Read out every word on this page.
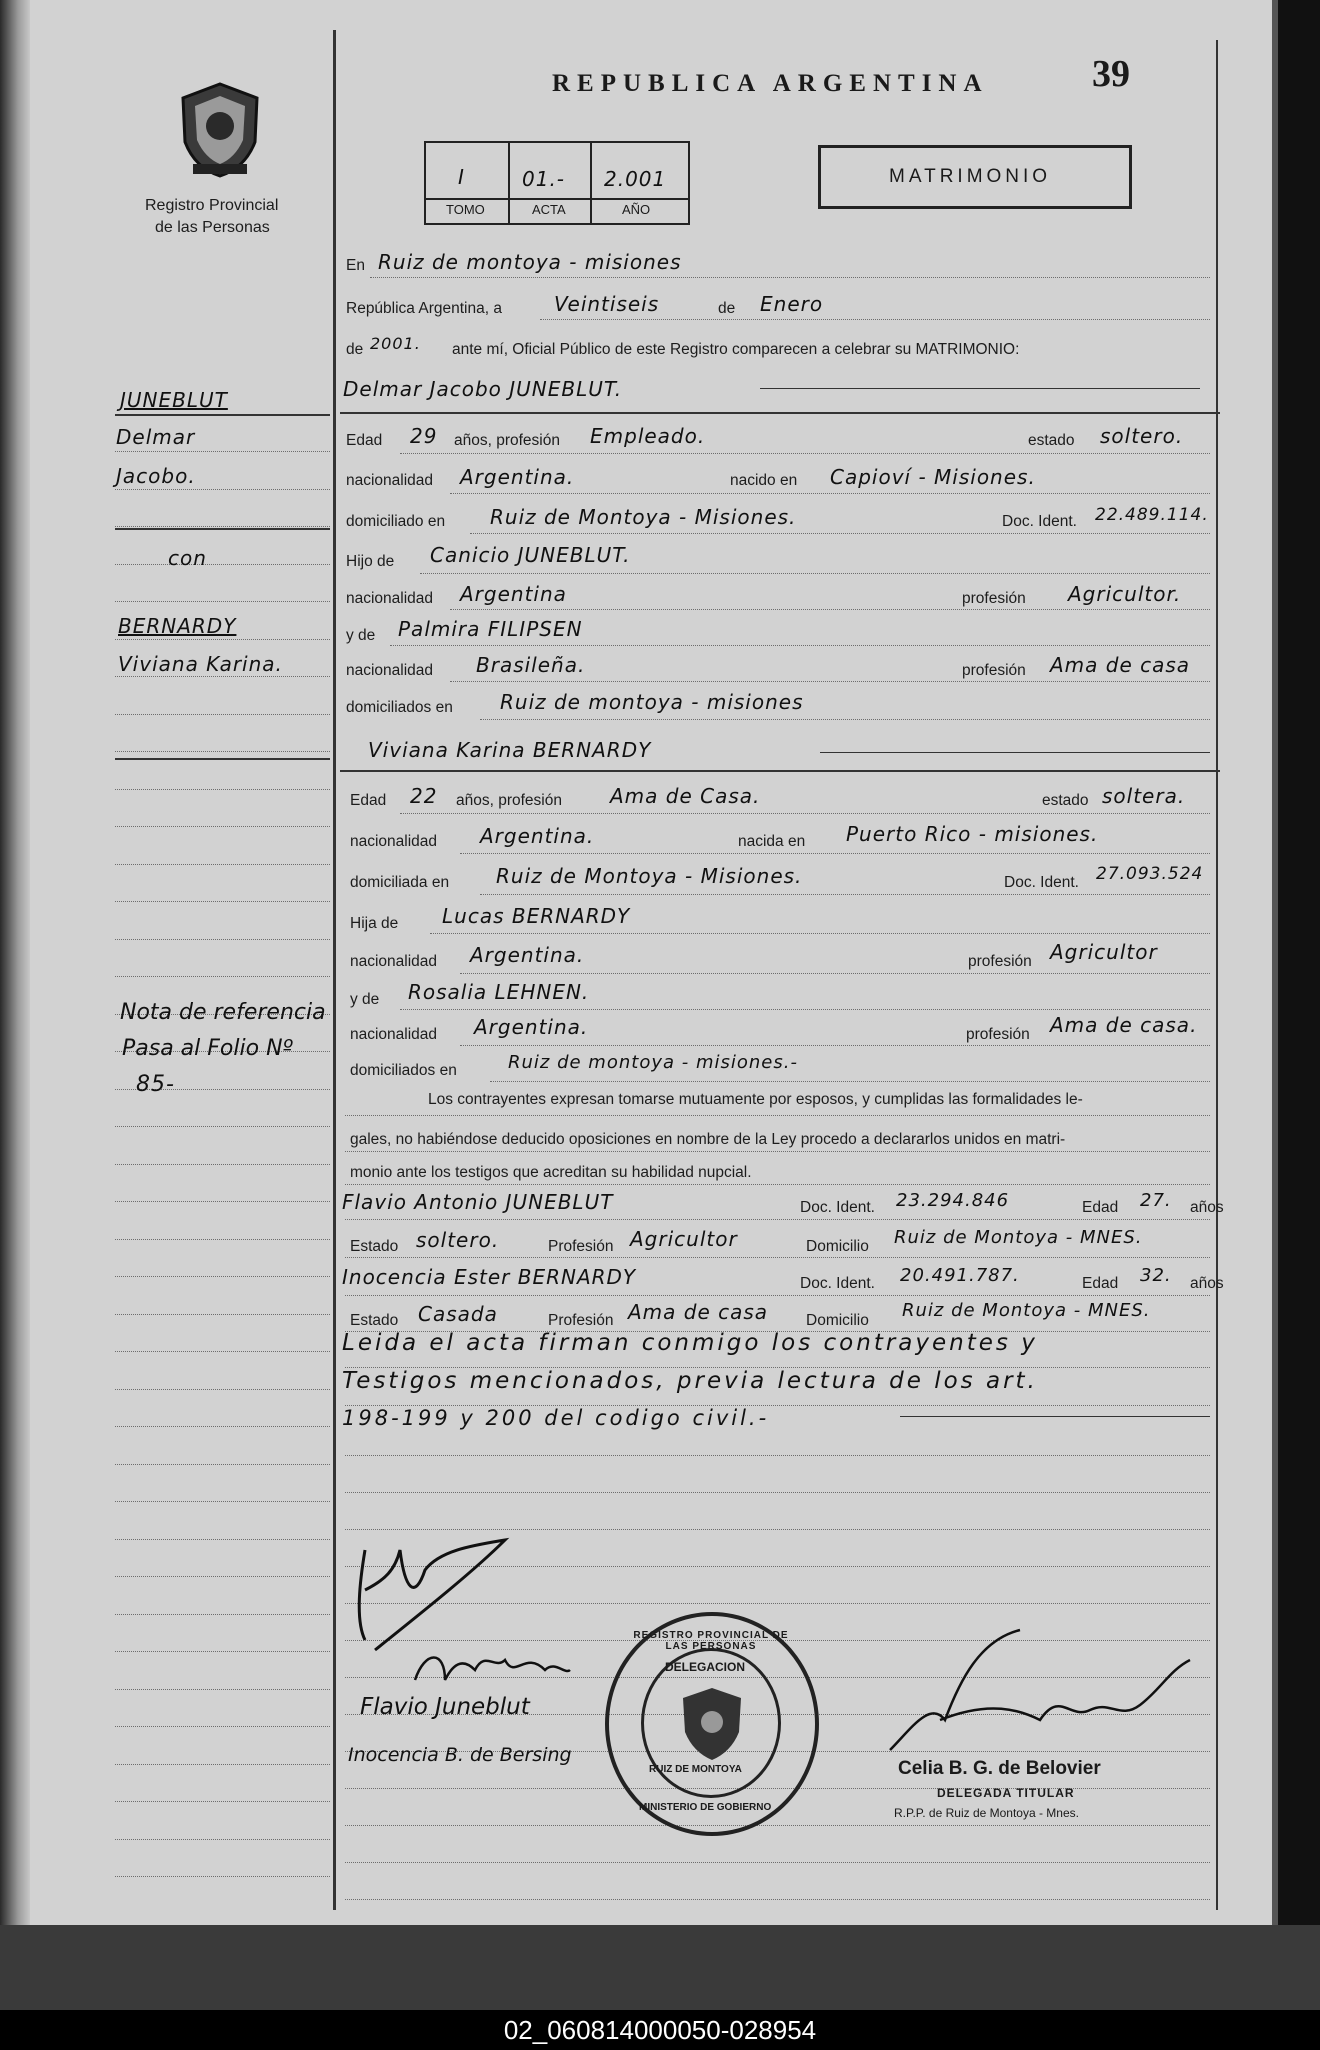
Registro Provincial
de las Personas
REPUBLICA ARGENTINA	39
I	01.- 2.001
TOMO	ACTA	AÑO
MATRIMONIO
En Ruiz de montoya - misiones
República Argentina, a	Veintiseis	de Enero
de 2001. ante mí, Oficial Público de este Registro comparecen a celebrar su MATRIMONIO:
Delmar Jacobo JUNEBLUT.
Edad 29 años, profesión Empleado.	estado soltero.
nacionalidad Argentina.	nacido en Capioví - Misiones.
domiciliado en Ruiz de Montoya - Misiones.	Doc. Ident. 22.489.114.
Hijo de Canicio JUNEBLUT.
nacionalidad Argentina	profesión Agricultor.
y de Palmira FILIPSEN
nacionalidad Brasileña.	profesión Ama de casa
domiciliados en Ruiz de montoya - misiones
Viviana Karina BERNARDY
Edad 22 años, profesión Ama de Casa.	estado soltera.
nacionalidad Argentina.	nacida en Puerto Rico - misiones.
domiciliada en Ruiz de Montoya - Misiones.	Doc. Ident. 27.093.524
Hija de Lucas BERNARDY
nacionalidad Argentina.	profesión Agricultor
y de Rosalia LEHNEN.
nacionalidad Argentina.	profesión Ama de casa.
domiciliados en	Ruiz de montoya - misiones.-
Los contrayentes expresan tomarse mutuamente por esposos, y cumplidas las formalidades le-
gales, no habiéndose deducido oposiciones en nombre de la Ley procedo a declararlos unidos en matri-
monio ante los testigos que acreditan su habilidad nupcial.
Flavio Antonio JUNEBLUT	Doc. Ident. 23.294.846	Edad 27. años
Estado soltero.	Profesión Agricultor	Domicilio Ruiz de Montoya - MNES.
Inocencia Ester BERNARDY	Doc. Ident. 20.491.787.	Edad 32. años
Estado Casada	Profesión Ama de casa Domicilio Ruiz de Montoya - MNES.
Leida el acta firman conmigo los contrayentes y
Testigos mencionados, previa lectura de los art.
198-199 y 200 del codigo civil.-
JUNEBLUT
Delmar
Jacobo.
con
BERNARDY
Viviana Karina.
Nota de referencia
Pasa al Folio Nº
85-
Flavio Juneblut
Inocencia B. de Bersing
REGISTRO PROVINCIAL DE LAS PERSONAS
DELEGACION
RUIZ DE MONTOYA
MINISTERIO DE GOBIERNO
Celia B. G. de Belovier
DELEGADA TITULAR
R.P.P. de Ruiz de Montoya - Mnes.
02_060814000050-028954
